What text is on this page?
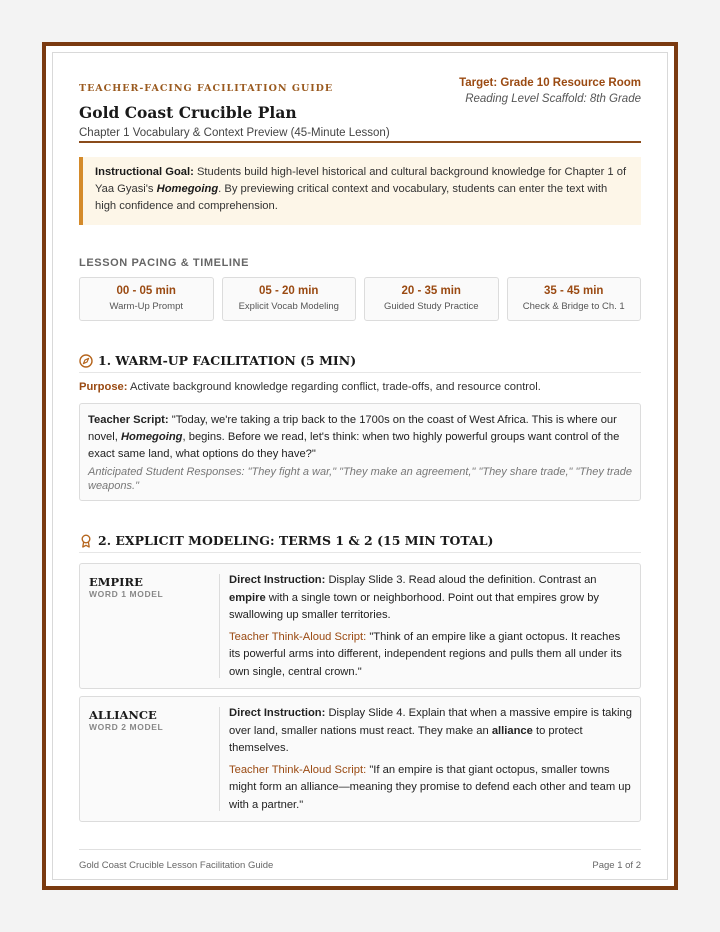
TEACHER-FACING FACILITATION GUIDE
Gold Coast Crucible Plan
Chapter 1 Vocabulary & Context Preview (45-Minute Lesson)
Target: Grade 10 Resource Room
Reading Level Scaffold: 8th Grade
Instructional Goal: Students build high-level historical and cultural background knowledge for Chapter 1 of Yaa Gyasi's Homegoing. By previewing critical context and vocabulary, students can enter the text with high confidence and comprehension.
LESSON PACING & TIMELINE
00 - 05 min
Warm-Up Prompt
05 - 20 min
Explicit Vocab Modeling
20 - 35 min
Guided Study Practice
35 - 45 min
Check & Bridge to Ch. 1
1. WARM-UP FACILITATION (5 MIN)
Purpose: Activate background knowledge regarding conflict, trade-offs, and resource control.
Teacher Script: "Today, we're taking a trip back to the 1700s on the coast of West Africa. This is where our novel, Homegoing, begins. Before we read, let's think: when two highly powerful groups want control of the exact same land, what options do they have?"
Anticipated Student Responses: "They fight a war," "They make an agreement," "They share trade," "They trade weapons."
2. EXPLICIT MODELING: TERMS 1 & 2 (15 MIN TOTAL)
EMPIRE
WORD 1 MODEL
Direct Instruction: Display Slide 3. Read aloud the definition. Contrast an empire with a single town or neighborhood. Point out that empires grow by swallowing up smaller territories.
Teacher Think-Aloud Script: "Think of an empire like a giant octopus. It reaches its powerful arms into different, independent regions and pulls them all under its own single, central crown."
ALLIANCE
WORD 2 MODEL
Direct Instruction: Display Slide 4. Explain that when a massive empire is taking over land, smaller nations must react. They make an alliance to protect themselves.
Teacher Think-Aloud Script: "If an empire is that giant octopus, smaller towns might form an alliance—meaning they promise to defend each other and team up with a partner."
Gold Coast Crucible Lesson Facilitation Guide	Page 1 of 2
